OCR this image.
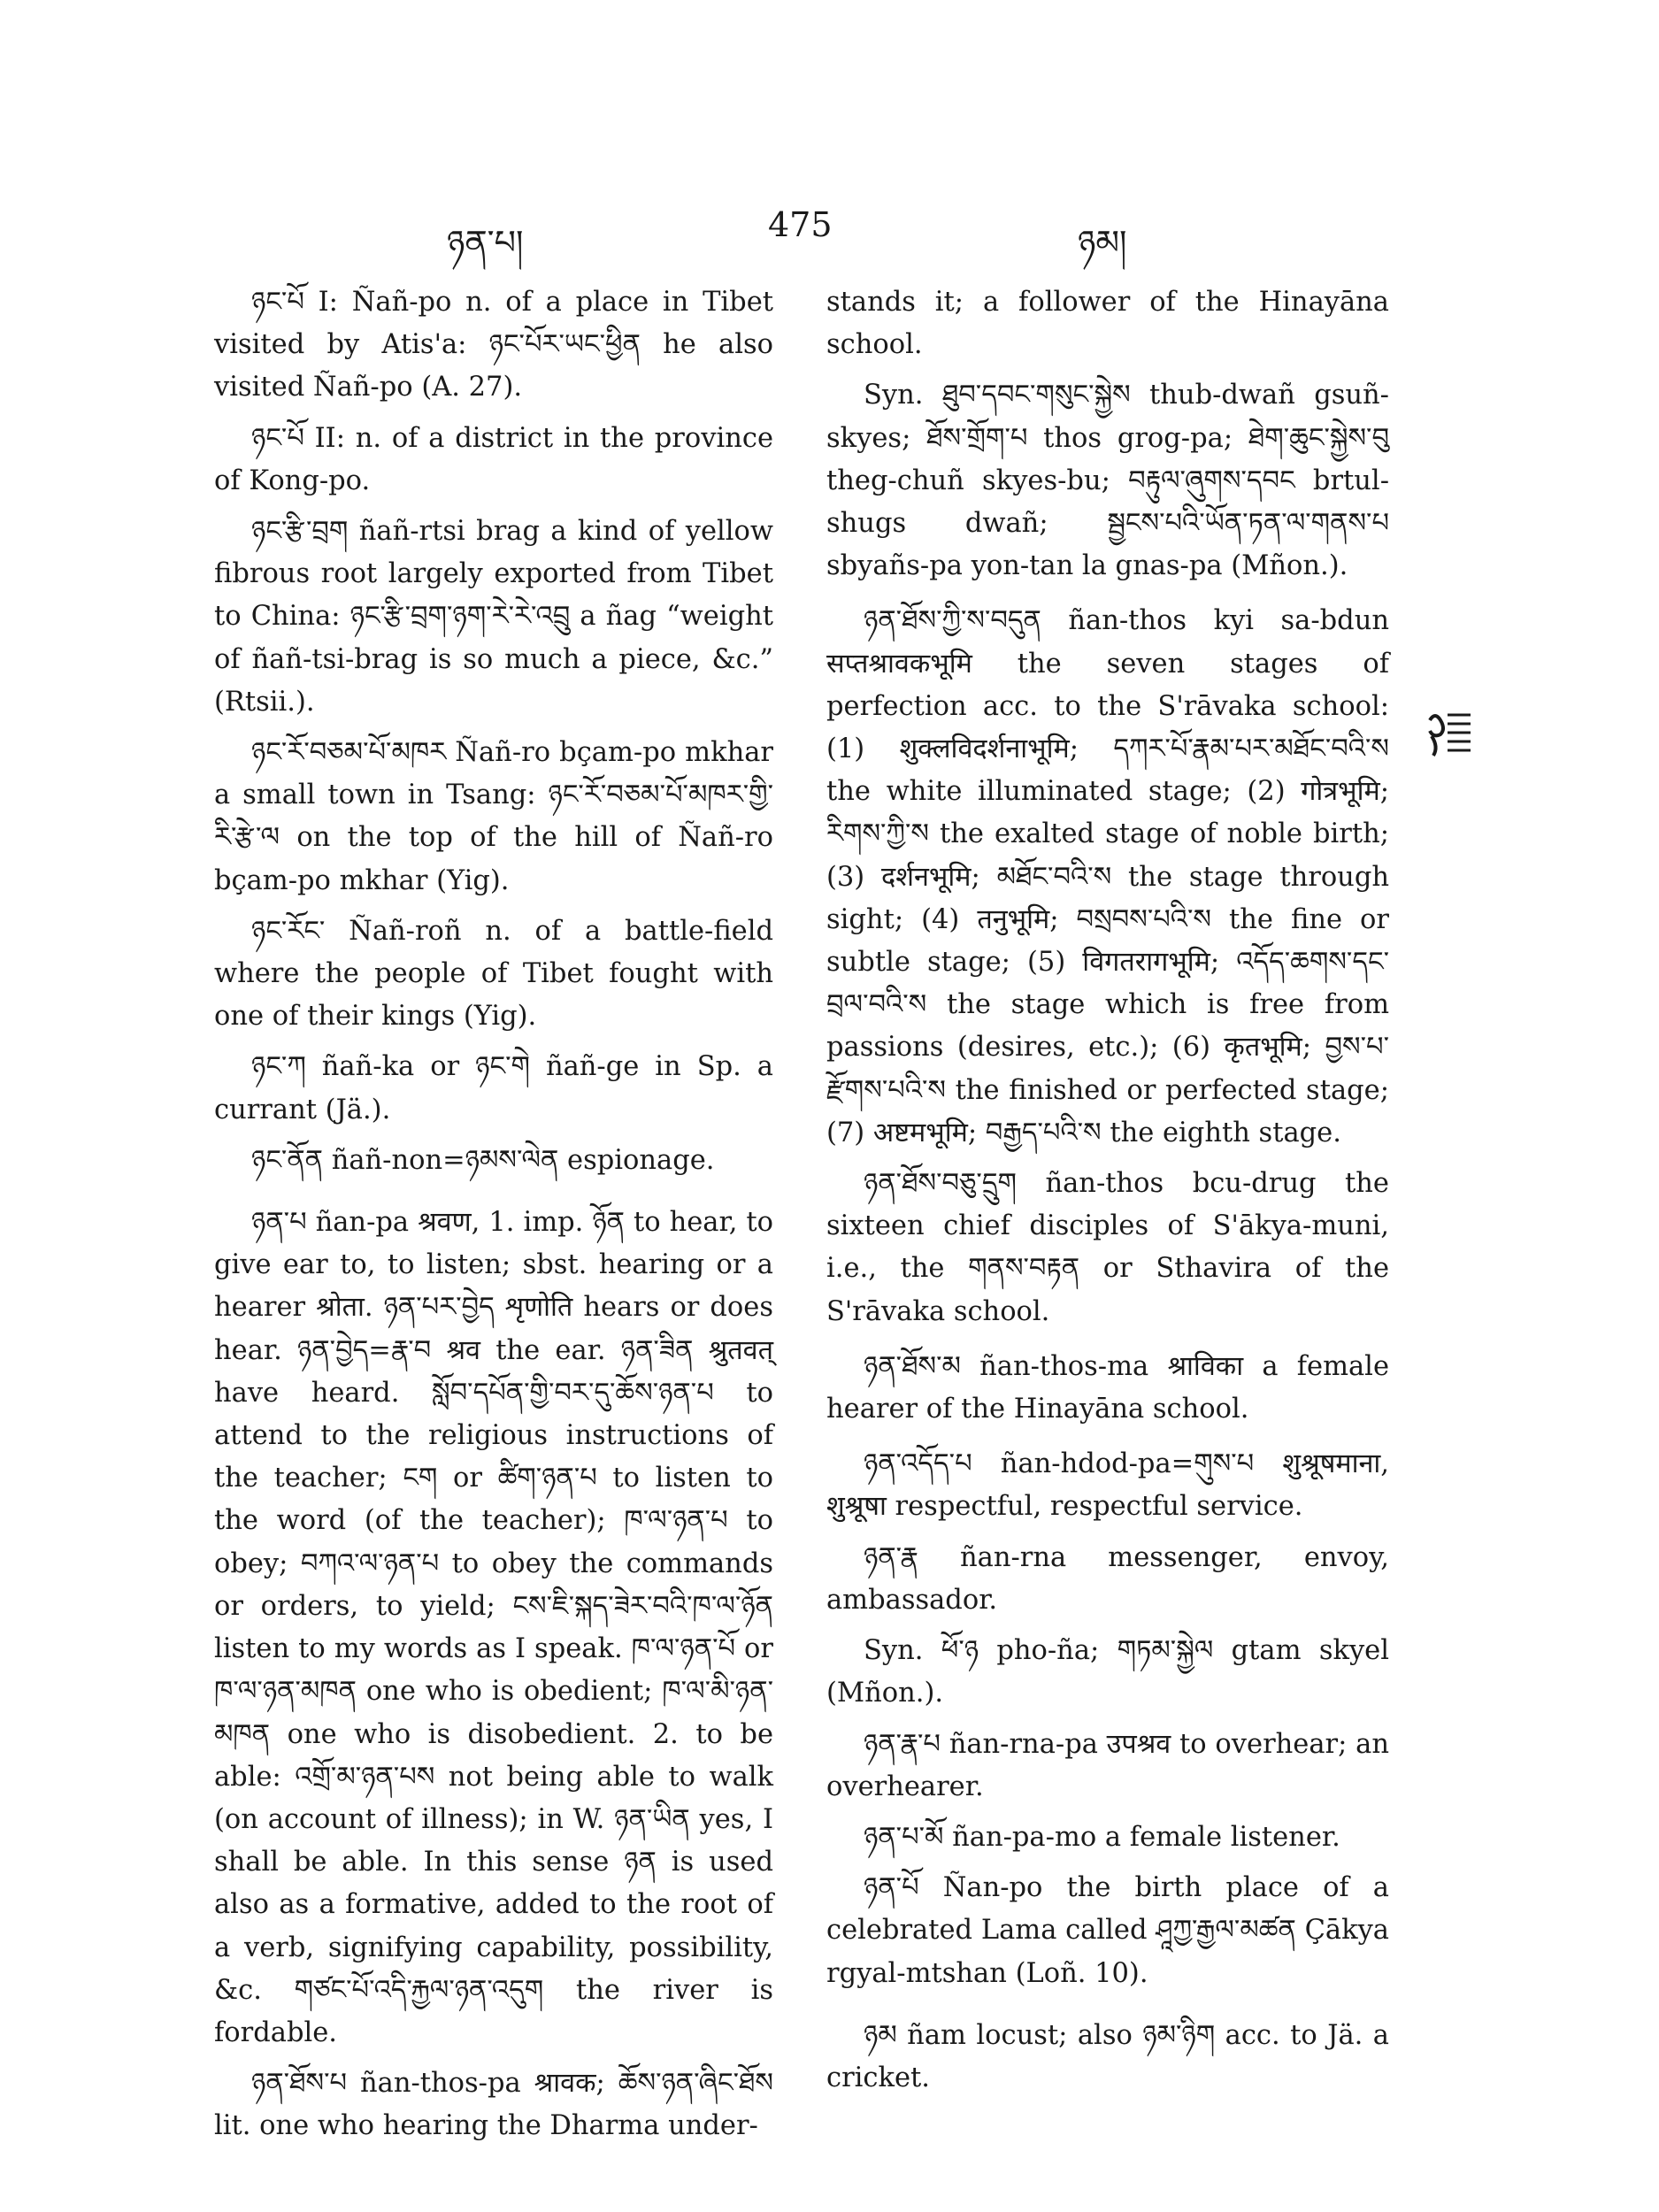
ཉན་པ།	475	ཉམ།

ཉང་པོ I: Ñañ-po n. of a place in Tibet visited by Atis'a: ཉང་པོར་ཡང་ཕྱིན he also visited Ñañ-po (A. 27).

ཉང་པོ II: n. of a district in the province of Kong-po.

ཉང་རྩི་བྲག ñañ-rtsi brag a kind of yellow fibrous root largely exported from Tibet to China: ཉང་རྩི་བྲག་ཉག་རེ་རེ་འབྲུ a ñag “weight of ñañ-tsi-brag is so much a piece, &c.” (Rtsii.).

ཉང་རོ་བཅམ་པོ་མཁར Ñañ-ro bçam-po mkhar a small town in Tsang: ཉང་རོ་བཅམ་པོ་མཁར་གྱི་རི་རྩེ་ལ on the top of the hill of Ñañ-ro bçam-po mkhar (Yig).

ཉང་རོང་ Ñañ-roñ n. of a battle-field where the people of Tibet fought with one of their kings (Yig).

ཉང་ཀ ñañ-ka or ཉང་གེ ñañ-ge in Sp. a currant (Jä.).

ཉང་ནོན ñañ-non=ཉམས་ལེན espionage.

ཉན་པ ñan-pa श्रवण, 1. imp. ཉོན to hear, to give ear to, to listen; sbst. hearing or a hearer श्रोता. ཉན་པར་བྱེད शृणोति hears or does hear. ཉན་བྱེད=རྣ་བ श्रव the ear. ཉན་ཟིན श्रुतवत् have heard. སློབ་དཔོན་གྱི་བར་དུ་ཆོས་ཉན་པ to attend to the religious instructions of the teacher; ངག or ཚིག་ཉན་པ to listen to the word (of the teacher); ཁ་ལ་ཉན་པ to obey; བཀའ་ལ་ཉན་པ to obey the commands or orders, to yield; ངས་ཇི་སྐད་ཟེར་བའི་ཁ་ལ་ཉོན listen to my words as I speak. ཁ་ལ་ཉན་པོ or ཁ་ལ་ཉན་མཁན one who is obedient; ཁ་ལ་མི་ཉན་མཁན one who is disobedient. 2. to be able: འགྲོ་མ་ཉན་པས not being able to walk (on account of illness); in W. ཉན་ཡིན yes, I shall be able. In this sense ཉན is used also as a formative, added to the root of a verb, signifying capability, possibility, &c. གཙང་པོ་འདི་རྐྱལ་ཉན་འདུག the river is fordable.

ཉན་ཐོས་པ ñan-thos-pa श्रावक; ཆོས་ཉན་ཞིང་ཐོས lit. one who hearing the Dharma under-

stands it; a follower of the Hinayāna school.

Syn. ཐུབ་དབང་གསུང་སྐྱེས thub-dwañ gsuñ-skyes; ཐོས་གྲོག་པ thos grog-pa; ཐེག་ཆུང་སྐྱེས་བུ theg-chuñ skyes-bu; བརྟུལ་ཞུགས་དབང brtul-shugs dwañ; སྦྱངས་པའི་ཡོན་ཏན་ལ་གནས་པ sbyañs-pa yon-tan la gnas-pa (Mñon.).

ཉན་ཐོས་ཀྱི་ས་བདུན ñan-thos kyi sa-bdun सप्तश्रावकभूमि the seven stages of perfection acc. to the S'rāvaka school: (1) शुक्लविदर्शनाभूमि; དཀར་པོ་རྣམ་པར་མཐོང་བའི་ས the white illuminated stage; (2) गोत्रभूमि; རིགས་ཀྱི་ས the exalted stage of noble birth; (3) दर्शनभूमि; མཐོང་བའི་ས the stage through sight; (4) तनुभूमि; བསྲབས་པའི་ས the fine or subtle stage; (5) विगतरागभूमि; འདོད་ཆགས་དང་བྲལ་བའི་ས the stage which is free from passions (desires, etc.); (6) कृतभूमि; བྱས་པ་རྫོགས་པའི་ས the finished or perfected stage; (7) अष्टमभूमि; བརྒྱད་པའི་ས the eighth stage.

ཉན་ཐོས་བཅུ་དྲུག ñan-thos bcu-drug the sixteen chief disciples of S'ākya-muni, i.e., the གནས་བརྟན or Sthavira of the S'rāvaka school.

ཉན་ཐོས་མ ñan-thos-ma श्राविका a female hearer of the Hinayāna school.

ཉན་འདོད་པ ñan-hdod-pa=གུས་པ शुश्रूषमाना, शुश्रूषा respectful, respectful service.

ཉན་རྣ ñan-rna messenger, envoy, ambassador.

Syn. ཕོ་ཉ pho-ña; གཏམ་སྐྱེལ gtam skyel (Mñon.).

ཉན་རྣ་པ ñan-rna-pa उपश्रव to overhear; an overhearer.

ཉན་པ་མོ ñan-pa-mo a female listener.

ཉན་པོ Ñan-po the birth place of a celebrated Lama called ཤཱཀྱ་རྒྱལ་མཚན Çākya rgyal-mtshan (Loñ. 10).

ཉམ ñam locust; also ཉམ་ཉིག acc. to Jä. a cricket.
